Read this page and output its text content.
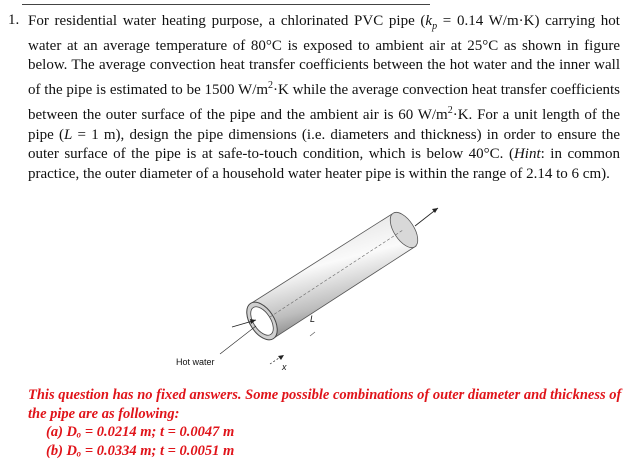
1. For residential water heating purpose, a chlorinated PVC pipe ($k_p = 0.14$ W/m·K) carrying hot water at an average temperature of 80°C is exposed to ambient air at 25°C as shown in figure below. The average convection heat transfer coefficients between the hot water and the inner wall of the pipe is estimated to be 1500 $W/m^2\cdot K$ while the average convection heat transfer coefficients between the outer surface of the pipe and the ambient air is 60 $W/m^2\cdot K$. For a unit length of the pipe (L = 1 m), design the pipe dimensions (i.e. diameters and thickness) in order to ensure the outer surface of the pipe is at safe-to-touch condition, which is below 40°C. (Hint: in common practice, the outer diameter of a household water heater pipe is within the range of 2.14 to 6 cm).
Hot water
L
x
This question has no fixed answers. Some possible combinations of outer diameter and thickness of the pipe are as following:
(a) Dₒ = 0.0214 m; t = 0.0047 m
(b) Dₒ = 0.0334 m; t = 0.0051 m
